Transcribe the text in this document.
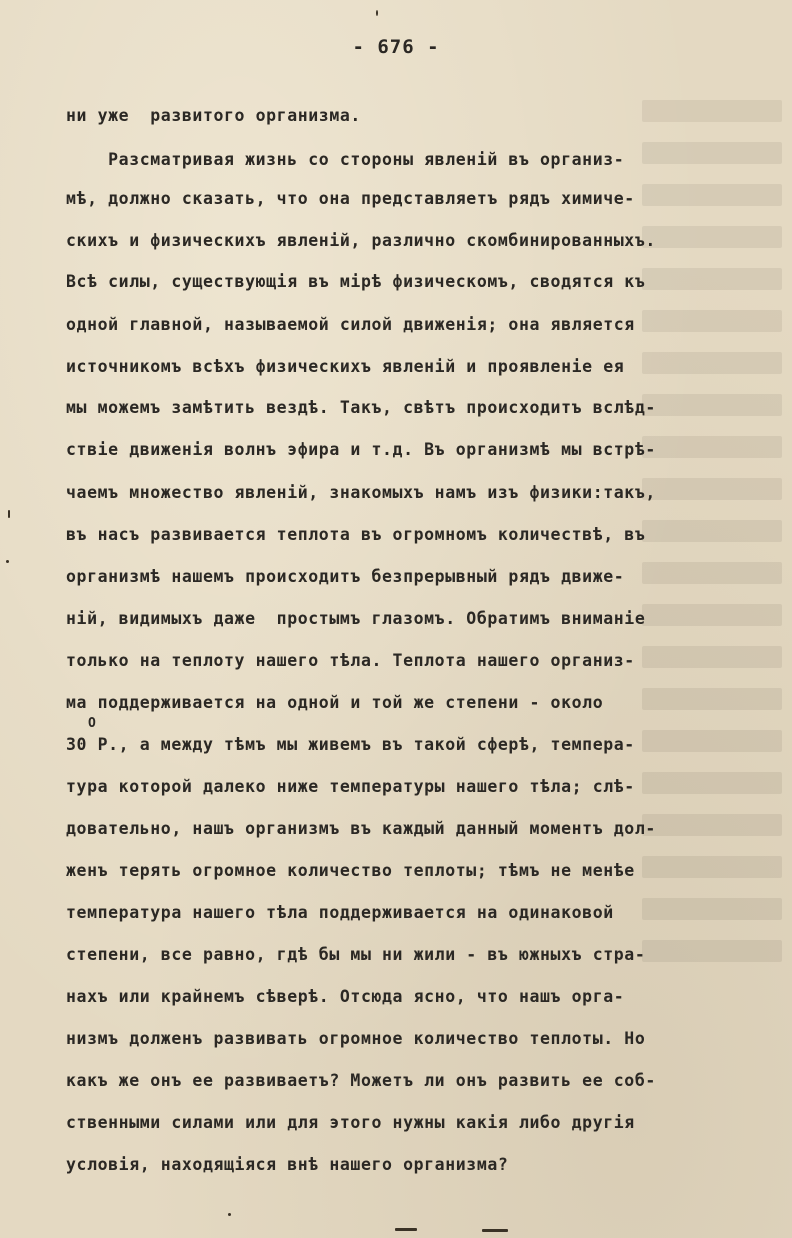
- 676 -
ни уже  развитого организма.
Разсматривая жизнь со стороны явленій въ организ-
мѣ, должно сказать, что она представляетъ рядъ химиче-
скихъ и физическихъ явленій, различно скомбинированныхъ.
Всѣ силы, существующія въ мірѣ физическомъ, сводятся къ
одной главной, называемой силой движенія; она является
источникомъ всѣхъ физическихъ явленій и проявленіе ея
мы можемъ замѣтить вездѣ. Такъ, свѣтъ происходитъ вслѣд-
ствіе движенія волнъ эфира и т.д. Въ организмѣ мы встрѣ-
чаемъ множество явленій, знакомыхъ намъ изъ физики:такъ,
въ насъ развивается теплота въ огромномъ количествѣ, въ
организмѣ нашемъ происходитъ безпрерывный рядъ движе-
ній, видимыхъ даже  простымъ глазомъ. Обратимъ вниманіе
только на теплоту нашего тѣла. Теплота нашего организ-
ма поддерживается на одной и той же степени - около
О
30 Р., а между тѣмъ мы живемъ въ такой сферѣ, темпера-
тура которой далеко ниже температуры нашего тѣла; слѣ-
довательно, нашъ организмъ въ каждый данный моментъ дол-
женъ терять огромное количество теплоты; тѣмъ не менѣе
температура нашего тѣла поддерживается на одинаковой
степени, все равно, гдѣ бы мы ни жили - въ южныхъ стра-
нахъ или крайнемъ сѣверѣ. Отсюда ясно, что нашъ орга-
низмъ долженъ развивать огромное количество теплоты. Но
какъ же онъ ее развиваетъ? Можетъ ли онъ развить ее соб-
ственными силами или для этого нужны какія либо другія
условія, находящіяся внѣ нашего организма?
